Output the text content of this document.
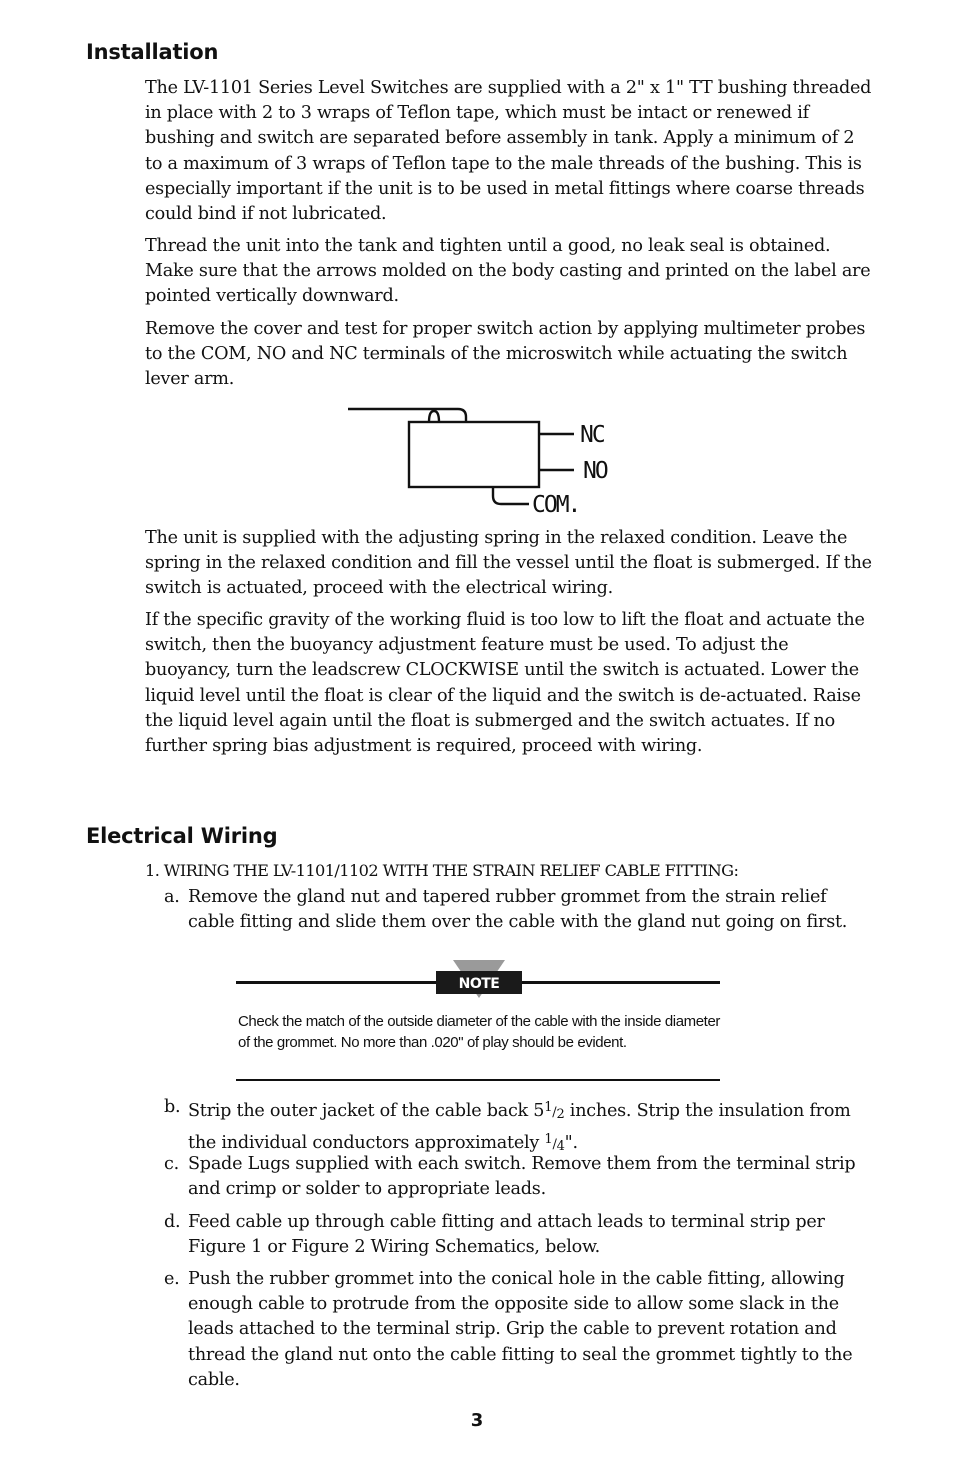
Installation

The LV-1101 Series Level Switches are supplied with a 2" x 1" TT bushing threaded in place with 2 to 3 wraps of Teflon tape, which must be intact or renewed if bushing and switch are separated before assembly in tank. Apply a minimum of 2 to a maximum of 3 wraps of Teflon tape to the male threads of the bushing. This is especially important if the unit is to be used in metal fittings where coarse threads could bind if not lubricated.

Thread the unit into the tank and tighten until a good, no leak seal is obtained. Make sure that the arrows molded on the body casting and printed on the label are pointed vertically downward.

Remove the cover and test for proper switch action by applying multimeter probes to the COM, NO and NC terminals of the microswitch while actuating the switch lever arm.

NC
NO
COM.

The unit is supplied with the adjusting spring in the relaxed condition. Leave the spring in the relaxed condition and fill the vessel until the float is submerged. If the switch is actuated, proceed with the electrical wiring.

If the specific gravity of the working fluid is too low to lift the float and actuate the switch, then the buoyancy adjustment feature must be used. To adjust the buoyancy, turn the leadscrew CLOCKWISE until the switch is actuated. Lower the liquid level until the float is clear of the liquid and the switch is de-actuated. Raise the liquid level again until the float is submerged and the switch actuates. If no further spring bias adjustment is required, proceed with wiring.

Electrical Wiring
1. WIRING THE LV-1101/1102 WITH THE STRAIN RELIEF CABLE FITTING:
a. Remove the gland nut and tapered rubber grommet from the strain relief cable fitting and slide them over the cable with the gland nut going on first.
NOTE
Check the match of the outside diameter of the cable with the inside diameter of the grommet. No more than .020" of play should be evident.
b. Strip the outer jacket of the cable back $5^1/_2$ inches. Strip the insulation from the individual conductors approximately $^1/_4$".
c. Spade Lugs supplied with each switch. Remove them from the terminal strip and crimp or solder to appropriate leads.
d. Feed cable up through cable fitting and attach leads to terminal strip per Figure 1 or Figure 2 Wiring Schematics, below.
e. Push the rubber grommet into the conical hole in the cable fitting, allowing enough cable to protrude from the opposite side to allow some slack in the leads attached to the terminal strip. Grip the cable to prevent rotation and thread the gland nut onto the cable fitting to seal the grommet tightly to the cable.
3
